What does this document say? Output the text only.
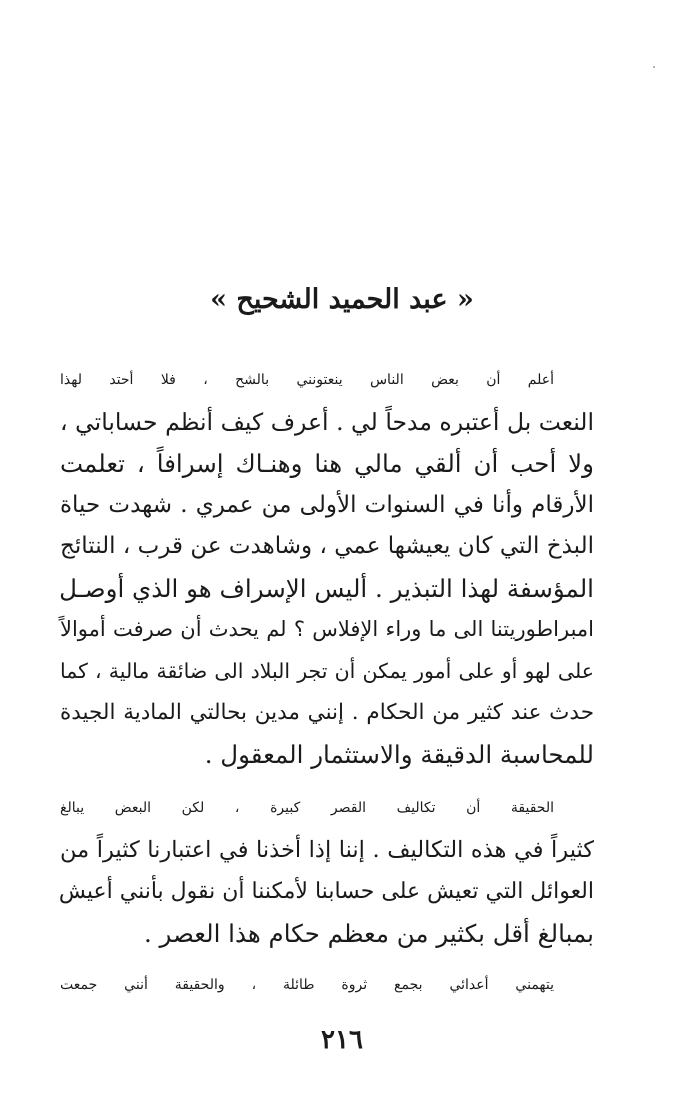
« عبد الحميد الشحيح »
أعلم أن بعض الناس ينعتونني بالشح ، فلا أحتد لهذا
النعت بل أعتبره مدحاً لي . أعرف كيف أنظم حساباتي ،
ولا أحب أن ألقي مالي هنا وهنـاك إسرافاً ، تعلمت
الأرقام وأنا في السنوات الأولى من عمري . شهدت حياة
البذخ التي كان يعيشها عمي ، وشاهدت عن قرب ، النتائج
المؤسفة لهذا التبذير . أليس الإسراف هو الذي أوصـل
امبراطوريتنا الى ما وراء الإفلاس ؟ لم يحدث أن صرفت أموالاً
على لهو أو على أمور يمكن أن تجر البلاد الى ضائقة مالية ، كما
حدث عند كثير من الحكام . إنني مدين بحالتي المادية الجيدة
للمحاسبة الدقيقة والاستثمار المعقول .
الحقيقة أن تكاليف القصر كبيرة ، لكن البعض يبالغ
كثيراً في هذه التكاليف . إننا إذا أخذنا في اعتبارنا كثيراً من
العوائل التي تعيش على حسابنا لأمكننا أن نقول بأنني أعيش
بمبالغ أقل بكثير من معظم حكام هذا العصر .
يتهمني أعدائي بجمع ثروة طائلة ، والحقيقة أنني جمعت
٢١٦
